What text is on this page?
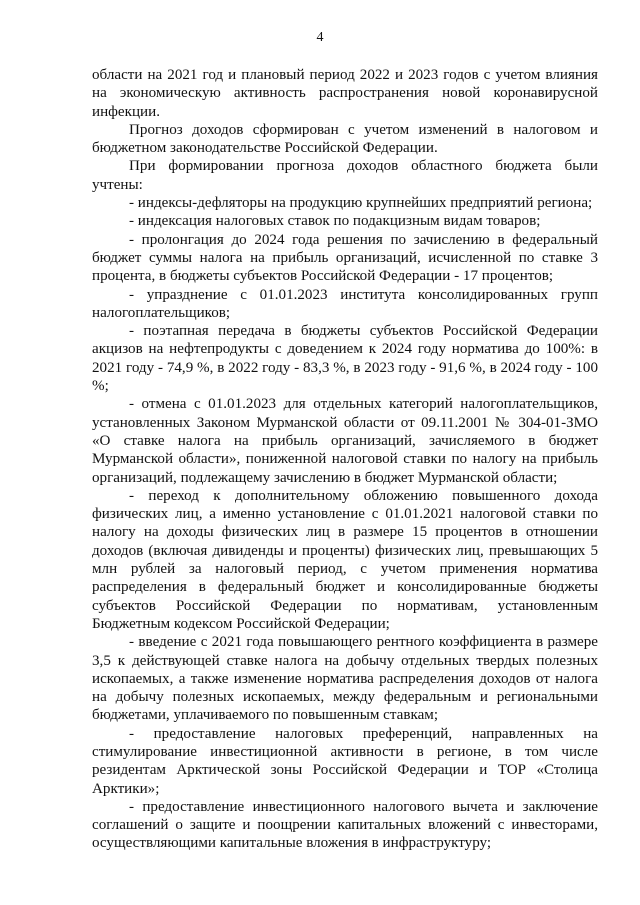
4

области на 2021 год и плановый период 2022 и 2023 годов с учетом влияния на экономическую активность распространения новой коронавирусной инфекции.

Прогноз доходов сформирован с учетом изменений в налоговом и бюджетном законодательстве Российской Федерации.

При формировании прогноза доходов областного бюджета были учтены:

- индексы-дефляторы на продукцию крупнейших предприятий региона;

- индексация налоговых ставок по подакцизным видам товаров;

- пролонгация до 2024 года решения по зачислению в федеральный бюджет суммы налога на прибыль организаций, исчисленной по ставке 3 процента, в бюджеты субъектов Российской Федерации - 17 процентов;

- упразднение с 01.01.2023 института консолидированных групп налогоплательщиков;

- поэтапная передача в бюджеты субъектов Российской Федерации акцизов на нефтепродукты с доведением к 2024 году норматива до 100%: в 2021 году - 74,9 %, в 2022 году - 83,3 %, в 2023 году - 91,6 %, в 2024 году - 100 %;

- отмена с 01.01.2023 для отдельных категорий налогоплательщиков, установленных Законом Мурманской области от 09.11.2001 № 304-01-ЗМО «О ставке налога на прибыль организаций, зачисляемого в бюджет Мурманской области», пониженной налоговой ставки по налогу на прибыль организаций, подлежащему зачислению в бюджет Мурманской области;

- переход к дополнительному обложению повышенного дохода физических лиц, а именно установление с 01.01.2021 налоговой ставки по налогу на доходы физических лиц в размере 15 процентов в отношении доходов (включая дивиденды и проценты) физических лиц, превышающих 5 млн рублей за налоговый период, с учетом применения норматива распределения в федеральный бюджет и консолидированные бюджеты субъектов Российской Федерации по нормативам, установленным Бюджетным кодексом Российской Федерации;

- введение с 2021 года повышающего рентного коэффициента в размере 3,5 к действующей ставке налога на добычу отдельных твердых полезных ископаемых, а также изменение норматива распределения доходов от налога на добычу полезных ископаемых, между федеральным и региональными бюджетами, уплачиваемого по повышенным ставкам;

- предоставление налоговых преференций, направленных на стимулирование инвестиционной активности в регионе, в том числе резидентам Арктической зоны Российской Федерации и ТОР «Столица Арктики»;

- предоставление инвестиционного налогового вычета и заключение соглашений о защите и поощрении капитальных вложений с инвесторами, осуществляющими капитальные вложения в инфраструктуру;
